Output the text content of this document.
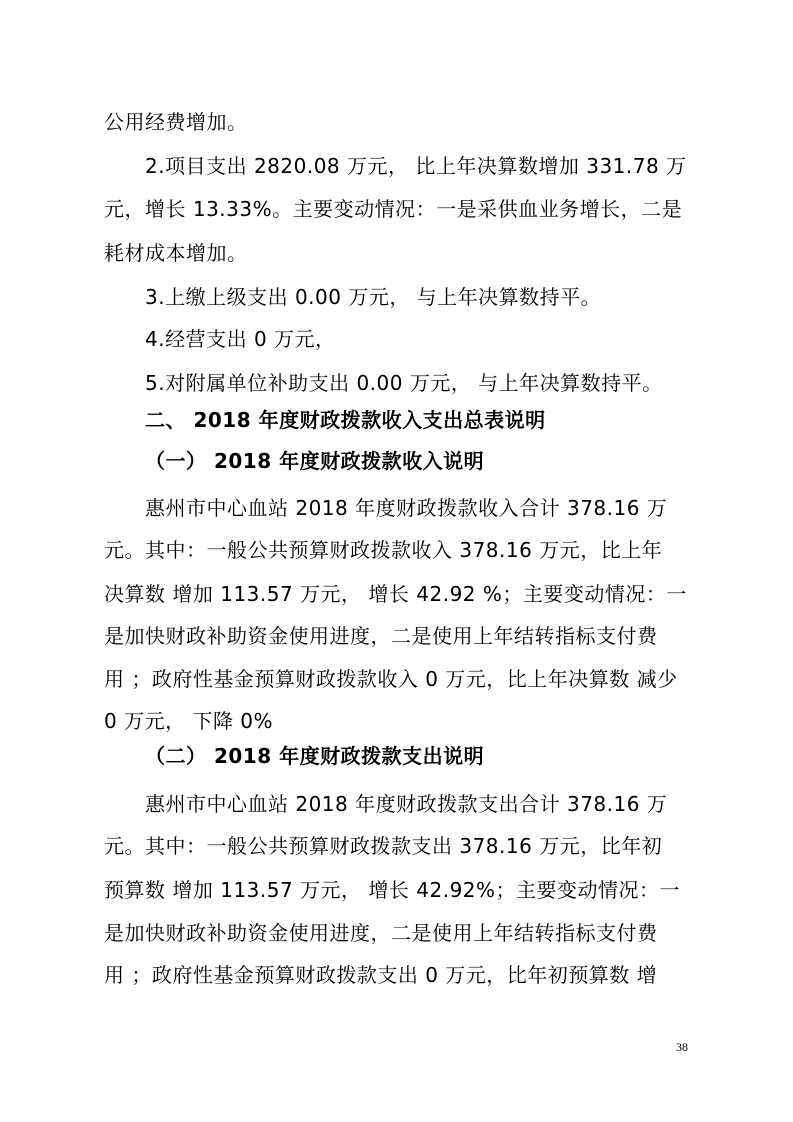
公用经费增加。
2.项目支出 2820.08 万元， 比上年决算数增加 331.78 万
元，增长 13.33%。主要变动情况：一是采供血业务增长，二是
耗材成本增加。
3.上缴上级支出 0.00 万元， 与上年决算数持平。
4.经营支出 0 万元，
5.对附属单位补助支出 0.00 万元， 与上年决算数持平。
二、 2018 年度财政拨款收入支出总表说明
（一） 2018 年度财政拨款收入说明
惠州市中心血站 2018 年度财政拨款收入合计 378.16 万
元。其中：一般公共预算财政拨款收入 378.16 万元，比上年
决算数 增加 113.57 万元， 增长 42.92 %；主要变动情况：一
是加快财政补助资金使用进度，二是使用上年结转指标支付费
用 ；政府性基金预算财政拨款收入 0 万元，比上年决算数 减少
0 万元， 下降 0%
（二） 2018 年度财政拨款支出说明
惠州市中心血站 2018 年度财政拨款支出合计 378.16 万
元。其中：一般公共预算财政拨款支出 378.16 万元，比年初
预算数 增加 113.57 万元， 增长 42.92%；主要变动情况：一
是加快财政补助资金使用进度，二是使用上年结转指标支付费
用 ；政府性基金预算财政拨款支出 0 万元，比年初预算数 增
38
